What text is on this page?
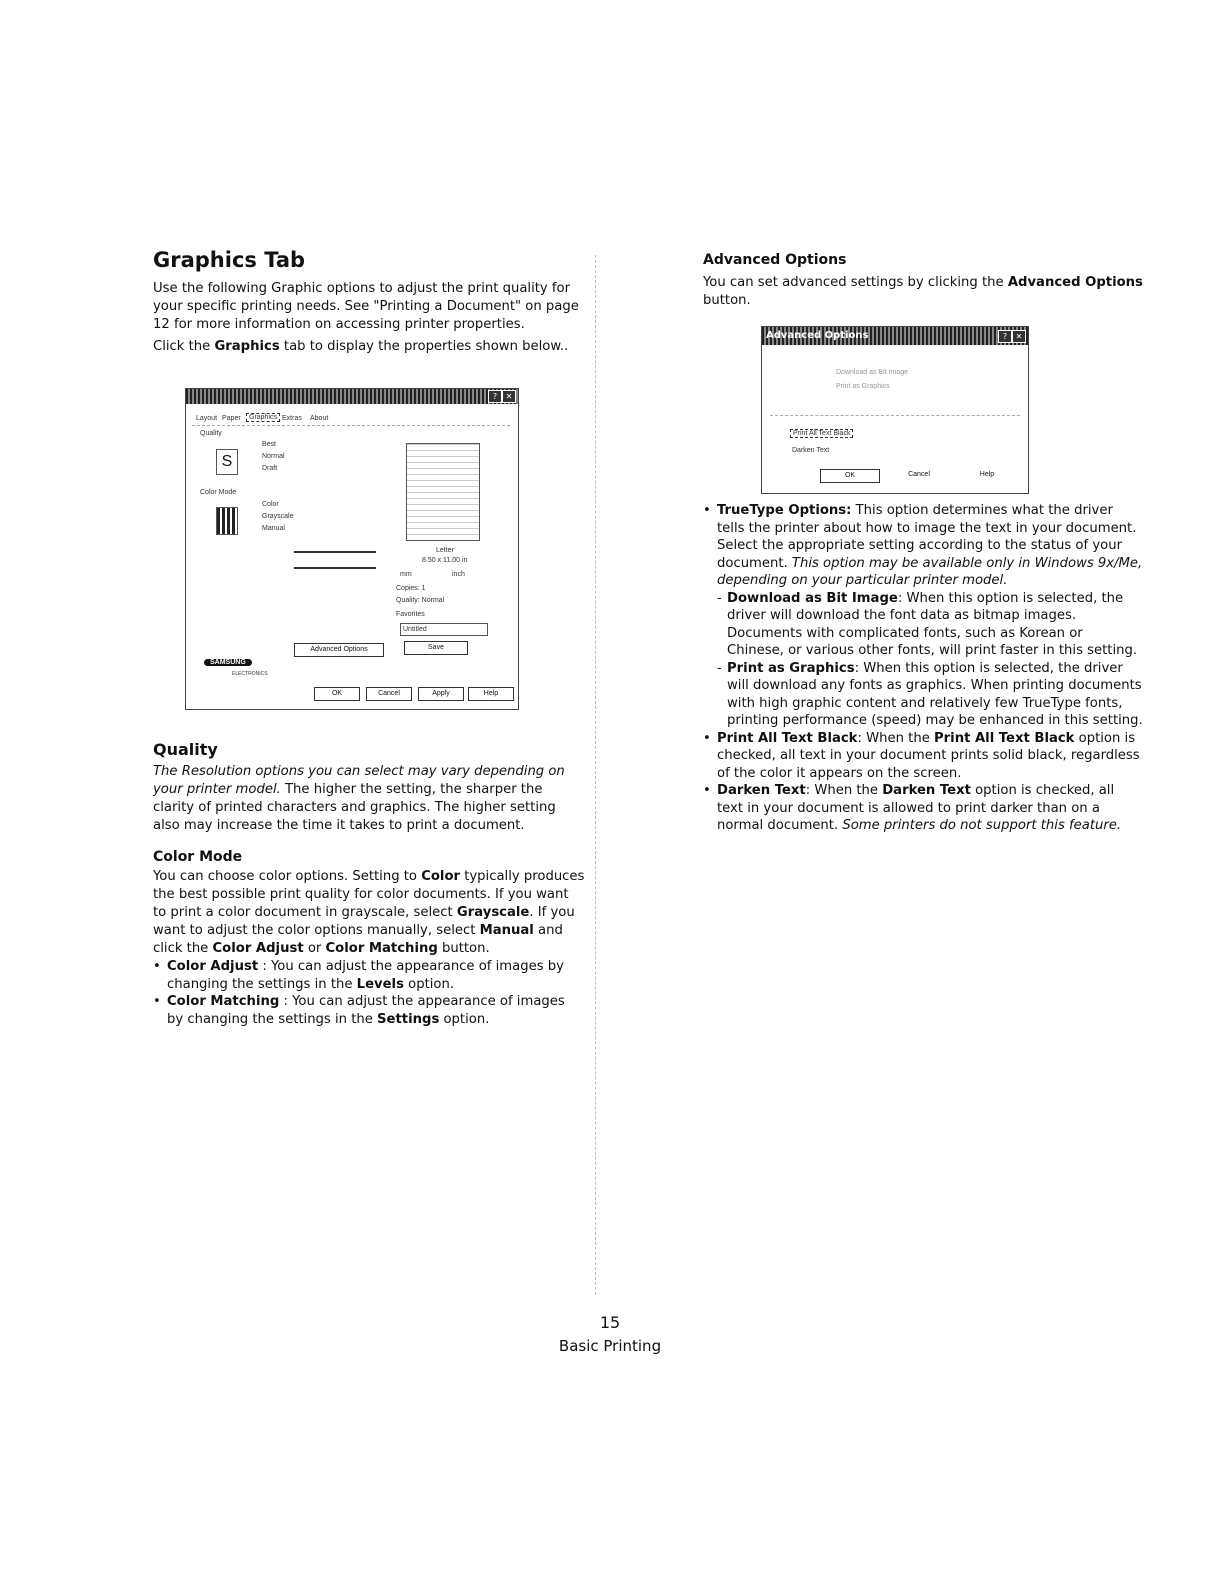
Graphics Tab

Use the following Graphic options to adjust the print quality for your specific printing needs. See "Printing a Document" on page 12 for more information on accessing printer properties.

Click the Graphics tab to display the properties shown below..

?	✕
Layout Paper	Graphics Extras About
Quality
S
Best
Normal
Draft
Color Mode
Color
Grayscale
Manual
Letter
8.50 x 11.00 in
mm	inch
Copies: 1
Quality: Normal
Favorites
Untitled
Save
Advanced Options
SAMSUNG
ELECTRONICS
OK	Cancel	Apply	Help
Quality

The Resolution options you can select may vary depending on your printer model. The higher the setting, the sharper the clarity of printed characters and graphics. The higher setting also may increase the time it takes to print a document.

Color Mode

You can choose color options. Setting to Color typically produces the best possible print quality for color documents. If you want to print a color document in grayscale, select Grayscale. If you want to adjust the color options manually, select Manual and click the Color Adjust or Color Matching button.

• Color Adjust : You can adjust the appearance of images by changing the settings in the Levels option.
• Color Matching : You can adjust the appearance of images by changing the settings in the Settings option.
Advanced Options

You can set advanced settings by clicking the Advanced Options button.

Advanced Options	?	✕
Download as Bit Image
Print as Graphics
Print All Text Black
Darken Text
OK	Cancel	Help
• TrueType Options: This option determines what the driver tells the printer about how to image the text in your document. Select the appropriate setting according to the status of your document. This option may be available only in Windows 9x/Me, depending on your particular printer model.
- Download as Bit Image: When this option is selected, the driver will download the font data as bitmap images. Documents with complicated fonts, such as Korean or Chinese, or various other fonts, will print faster in this setting.
- Print as Graphics: When this option is selected, the driver will download any fonts as graphics. When printing documents with high graphic content and relatively few TrueType fonts, printing performance (speed) may be enhanced in this setting.
• Print All Text Black: When the Print All Text Black option is checked, all text in your document prints solid black, regardless of the color it appears on the screen.
• Darken Text: When the Darken Text option is checked, all text in your document is allowed to print darker than on a normal document. Some printers do not support this feature.
15
Basic Printing
